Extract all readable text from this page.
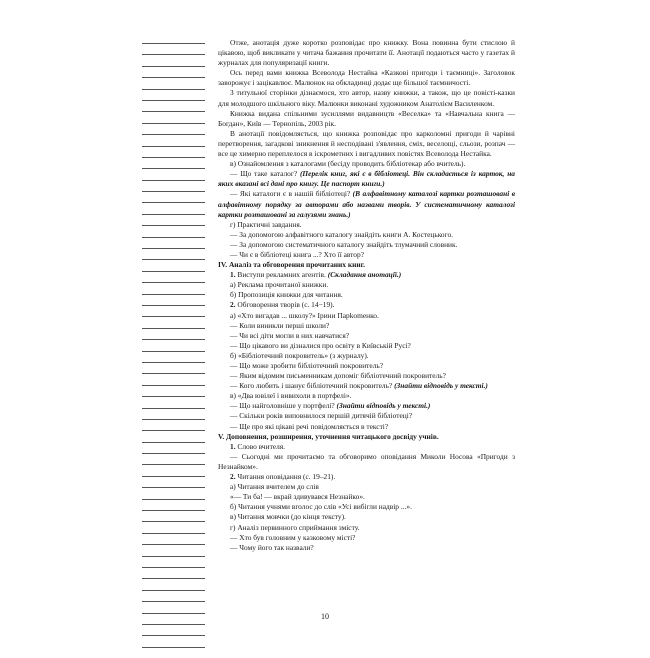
Отже, анотація дуже коротко розповідає про книжку. Вона повинна бути стислою й цікавою, щоб викликати у читача бажання прочитати її. Анотації подаються часто у газетах й журналах для популяризації книги.

Ось перед вами книжка Всеволода Нестайка «Казкові пригоди і таємниці». Заголовок заворожує і зацікавлює. Малюнок на обкладинці додає ще більшої таємничості.

З титульної сторінки дізнаємося, хто автор, назву книжки, а також, що це повісті-казки для молодшого шкільного віку. Малюнки виконані художником Анатолієм Василенком.

Книжка видана спільними зусиллями видавництв «Веселка» та «Навчальна книга — Богдан», Київ — Тернопіль, 2003 рік.

В анотації повідомляється, що книжка розповідає про карколомні пригоди й чарівні перетворення, загадкові зникнення й несподівані з'явлення, сміх, веселощі, сльози, розпач — все це химерно переплелося в іскрометних і вигадливих повістях Всеволода Нестайка.

в) Ознайомлення з каталогами (бесіду проводить бібліотекар або вчитель).

— Що таке каталог? (Перелік книг, які є в бібліотеці. Він складається із карток, на яких вказані всі дані про книгу. Це паспорт книги.)

— Які каталоги є в нашій бібліотеці? (В алфавітному каталозі картки розташовані в алфавітному порядку за авторами або назвами творів. У систематичному каталозі картки розташовані за галузями знань.)

г) Практичні завдання.

— За допомогою алфавітного каталогу знайдіть книги А. Костецького.

— За допомогою систематичного каталогу знайдіть тлумачний словник.

— Чи є в бібліотеці книга ...? Хто її автор?

IV. Аналіз та обговорення прочитаних книг.

1. Виступи рекламних агентів. (Складання анотації.)

а) Реклама прочитаної книжки.

б) Пропозиція книжки для читання.

2. Обговорення творів (с. 14−19).

а) «Хто вигадав ... школу?» Ірини Парkomенко.

— Коли виникли перші школи?

— Чи всі діти могли в них навчатися?

— Що цікавого ви дізналися про освіту в Київській Русі?

б) «Бібліотечний покровитель» (з журналу).

— Що може зробити бібліотечний покровитель?

— Яким відомим письменникам допоміг бібліотечний покровитель?

— Кого любить і шанує бібліотечний покровитель? (Знайти відповідь у тексті.)

в) «Два ювілеї і вивихоли в портфелі».

— Що найголовніше у портфелі? (Знайти відповідь у тексті.)

— Скільки років виповнилося першій дитячій бібліотеці?

— Ще про які цікаві речі повідомляється в тексті?

V. Доповнення, розширення, уточнення читацького досвіду учнів.

1. Слово вчителя.

— Сьогодні ми прочитаємо та обговоримо оповідання Миколи Носова «Пригоди з Незнайком».

2. Читання оповідання (с. 19–21).

а) Читання вчителем до слів

«— Ти ба! — вкрай здивувався Незнайко».

б) Читання учнями вголос до слів «Усі вибігли надвір ...».

в) Читання мовчки (до кінця тексту).

г) Аналіз первинного сприймання змісту.

— Хто був головним у казковому місті?

— Чому його так назвали?

10
